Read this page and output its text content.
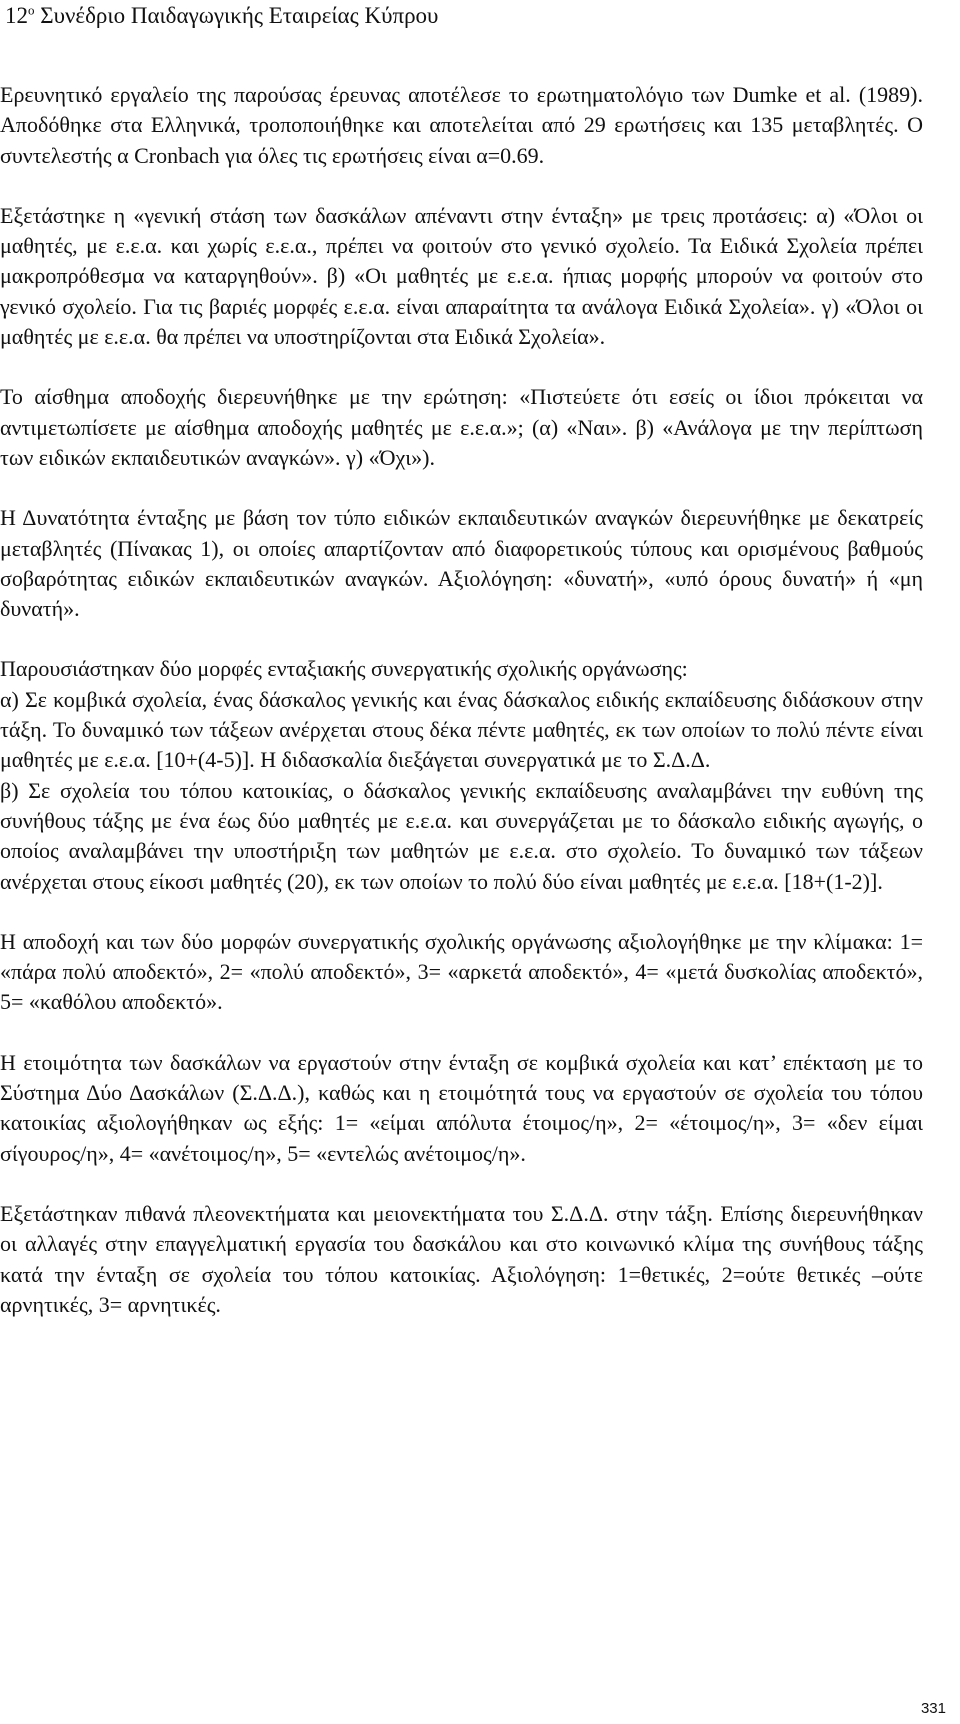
$12^o$ Συνέδριο Παιδαγωγικής Εταιρείας Κύπρου

Ερευνητικό εργαλείο της παρούσας έρευνας αποτέλεσε το ερωτηματολόγιο των Dumke et al. (1989). Αποδόθηκε στα Ελληνικά, τροποποιήθηκε και αποτελείται από 29 ερωτήσεις και 135 μεταβλητές. Ο συντελεστής α Cronbach για όλες τις ερωτήσεις είναι α=0.69.

Εξετάστηκε η «γενική στάση των δασκάλων απέναντι στην ένταξη» με τρεις προτάσεις: α) «Όλοι οι μαθητές, με ε.ε.α. και χωρίς ε.ε.α., πρέπει να φοιτούν στο γενικό σχολείο. Τα Ειδικά Σχολεία πρέπει μακροπρόθεσμα να καταργηθούν». β) «Οι μαθητές με ε.ε.α. ήπιας μορφής μπορούν να φοιτούν στο γενικό σχολείο. Για τις βαριές μορφές ε.ε.α. είναι απαραίτητα τα ανάλογα Ειδικά Σχολεία». γ) «Όλοι οι μαθητές με ε.ε.α. θα πρέπει να υποστηρίζονται στα Ειδικά Σχολεία».

Το αίσθημα αποδοχής διερευνήθηκε με την ερώτηση: «Πιστεύετε ότι εσείς οι ίδιοι πρόκειται να αντιμετωπίσετε με αίσθημα αποδοχής μαθητές με ε.ε.α.»; (α) «Ναι». β) «Ανάλογα με την περίπτωση των ειδικών εκπαιδευτικών αναγκών». γ) «Όχι»).

Η Δυνατότητα ένταξης με βάση τον τύπο ειδικών εκπαιδευτικών αναγκών διερευνήθηκε με δεκατρείς μεταβλητές (Πίνακας 1), οι οποίες απαρτίζονταν από διαφορετικούς τύπους και ορισμένους βαθμούς σοβαρότητας ειδικών εκπαιδευτικών αναγκών. Αξιολόγηση: «δυνατή», «υπό όρους δυνατή» ή «μη δυνατή».

Παρουσιάστηκαν δύο μορφές ενταξιακής συνεργατικής σχολικής οργάνωσης:

α) Σε κομβικά σχολεία, ένας δάσκαλος γενικής και ένας δάσκαλος ειδικής εκπαίδευσης διδάσκουν στην τάξη. Το δυναμικό των τάξεων ανέρχεται στους δέκα πέντε μαθητές, εκ των οποίων το πολύ πέντε είναι μαθητές με ε.ε.α. [10+(4-5)]. Η διδασκαλία διεξάγεται συνεργατικά με το Σ.Δ.Δ.

β) Σε σχολεία του τόπου κατοικίας, ο δάσκαλος γενικής εκπαίδευσης αναλαμβάνει την ευθύνη της συνήθους τάξης με ένα έως δύο μαθητές με ε.ε.α. και συνεργάζεται με το δάσκαλο ειδικής αγωγής, ο οποίος αναλαμβάνει την υποστήριξη των μαθητών με ε.ε.α. στο σχολείο. Το δυναμικό των τάξεων ανέρχεται στους είκοσι μαθητές (20), εκ των οποίων το πολύ δύο είναι μαθητές με ε.ε.α. [18+(1-2)].

Η αποδοχή και των δύο μορφών συνεργατικής σχολικής οργάνωσης αξιολογήθηκε με την κλίμακα: 1= «πάρα πολύ αποδεκτό», 2= «πολύ αποδεκτό», 3= «αρκετά αποδεκτό», 4= «μετά δυσκολίας αποδεκτό», 5= «καθόλου αποδεκτό».

Η ετοιμότητα των δασκάλων να εργαστούν στην ένταξη σε κομβικά σχολεία και κατ’ επέκταση με το Σύστημα Δύο Δασκάλων (Σ.Δ.Δ.), καθώς και η ετοιμότητά τους να εργαστούν σε σχολεία του τόπου κατοικίας αξιολογήθηκαν ως εξής: 1= «είμαι απόλυτα έτοιμος/η», 2= «έτοιμος/η», 3= «δεν είμαι σίγουρος/η», 4= «ανέτοιμος/η», 5= «εντελώς ανέτοιμος/η».

Εξετάστηκαν πιθανά πλεονεκτήματα και μειονεκτήματα του Σ.Δ.Δ. στην τάξη. Επίσης διερευνήθηκαν οι αλλαγές στην επαγγελματική εργασία του δασκάλου και στο κοινωνικό κλίμα της συνήθους τάξης κατά την ένταξη σε σχολεία του τόπου κατοικίας. Αξιολόγηση: 1=θετικές, 2=ούτε θετικές –ούτε αρνητικές, 3= αρνητικές.

331
